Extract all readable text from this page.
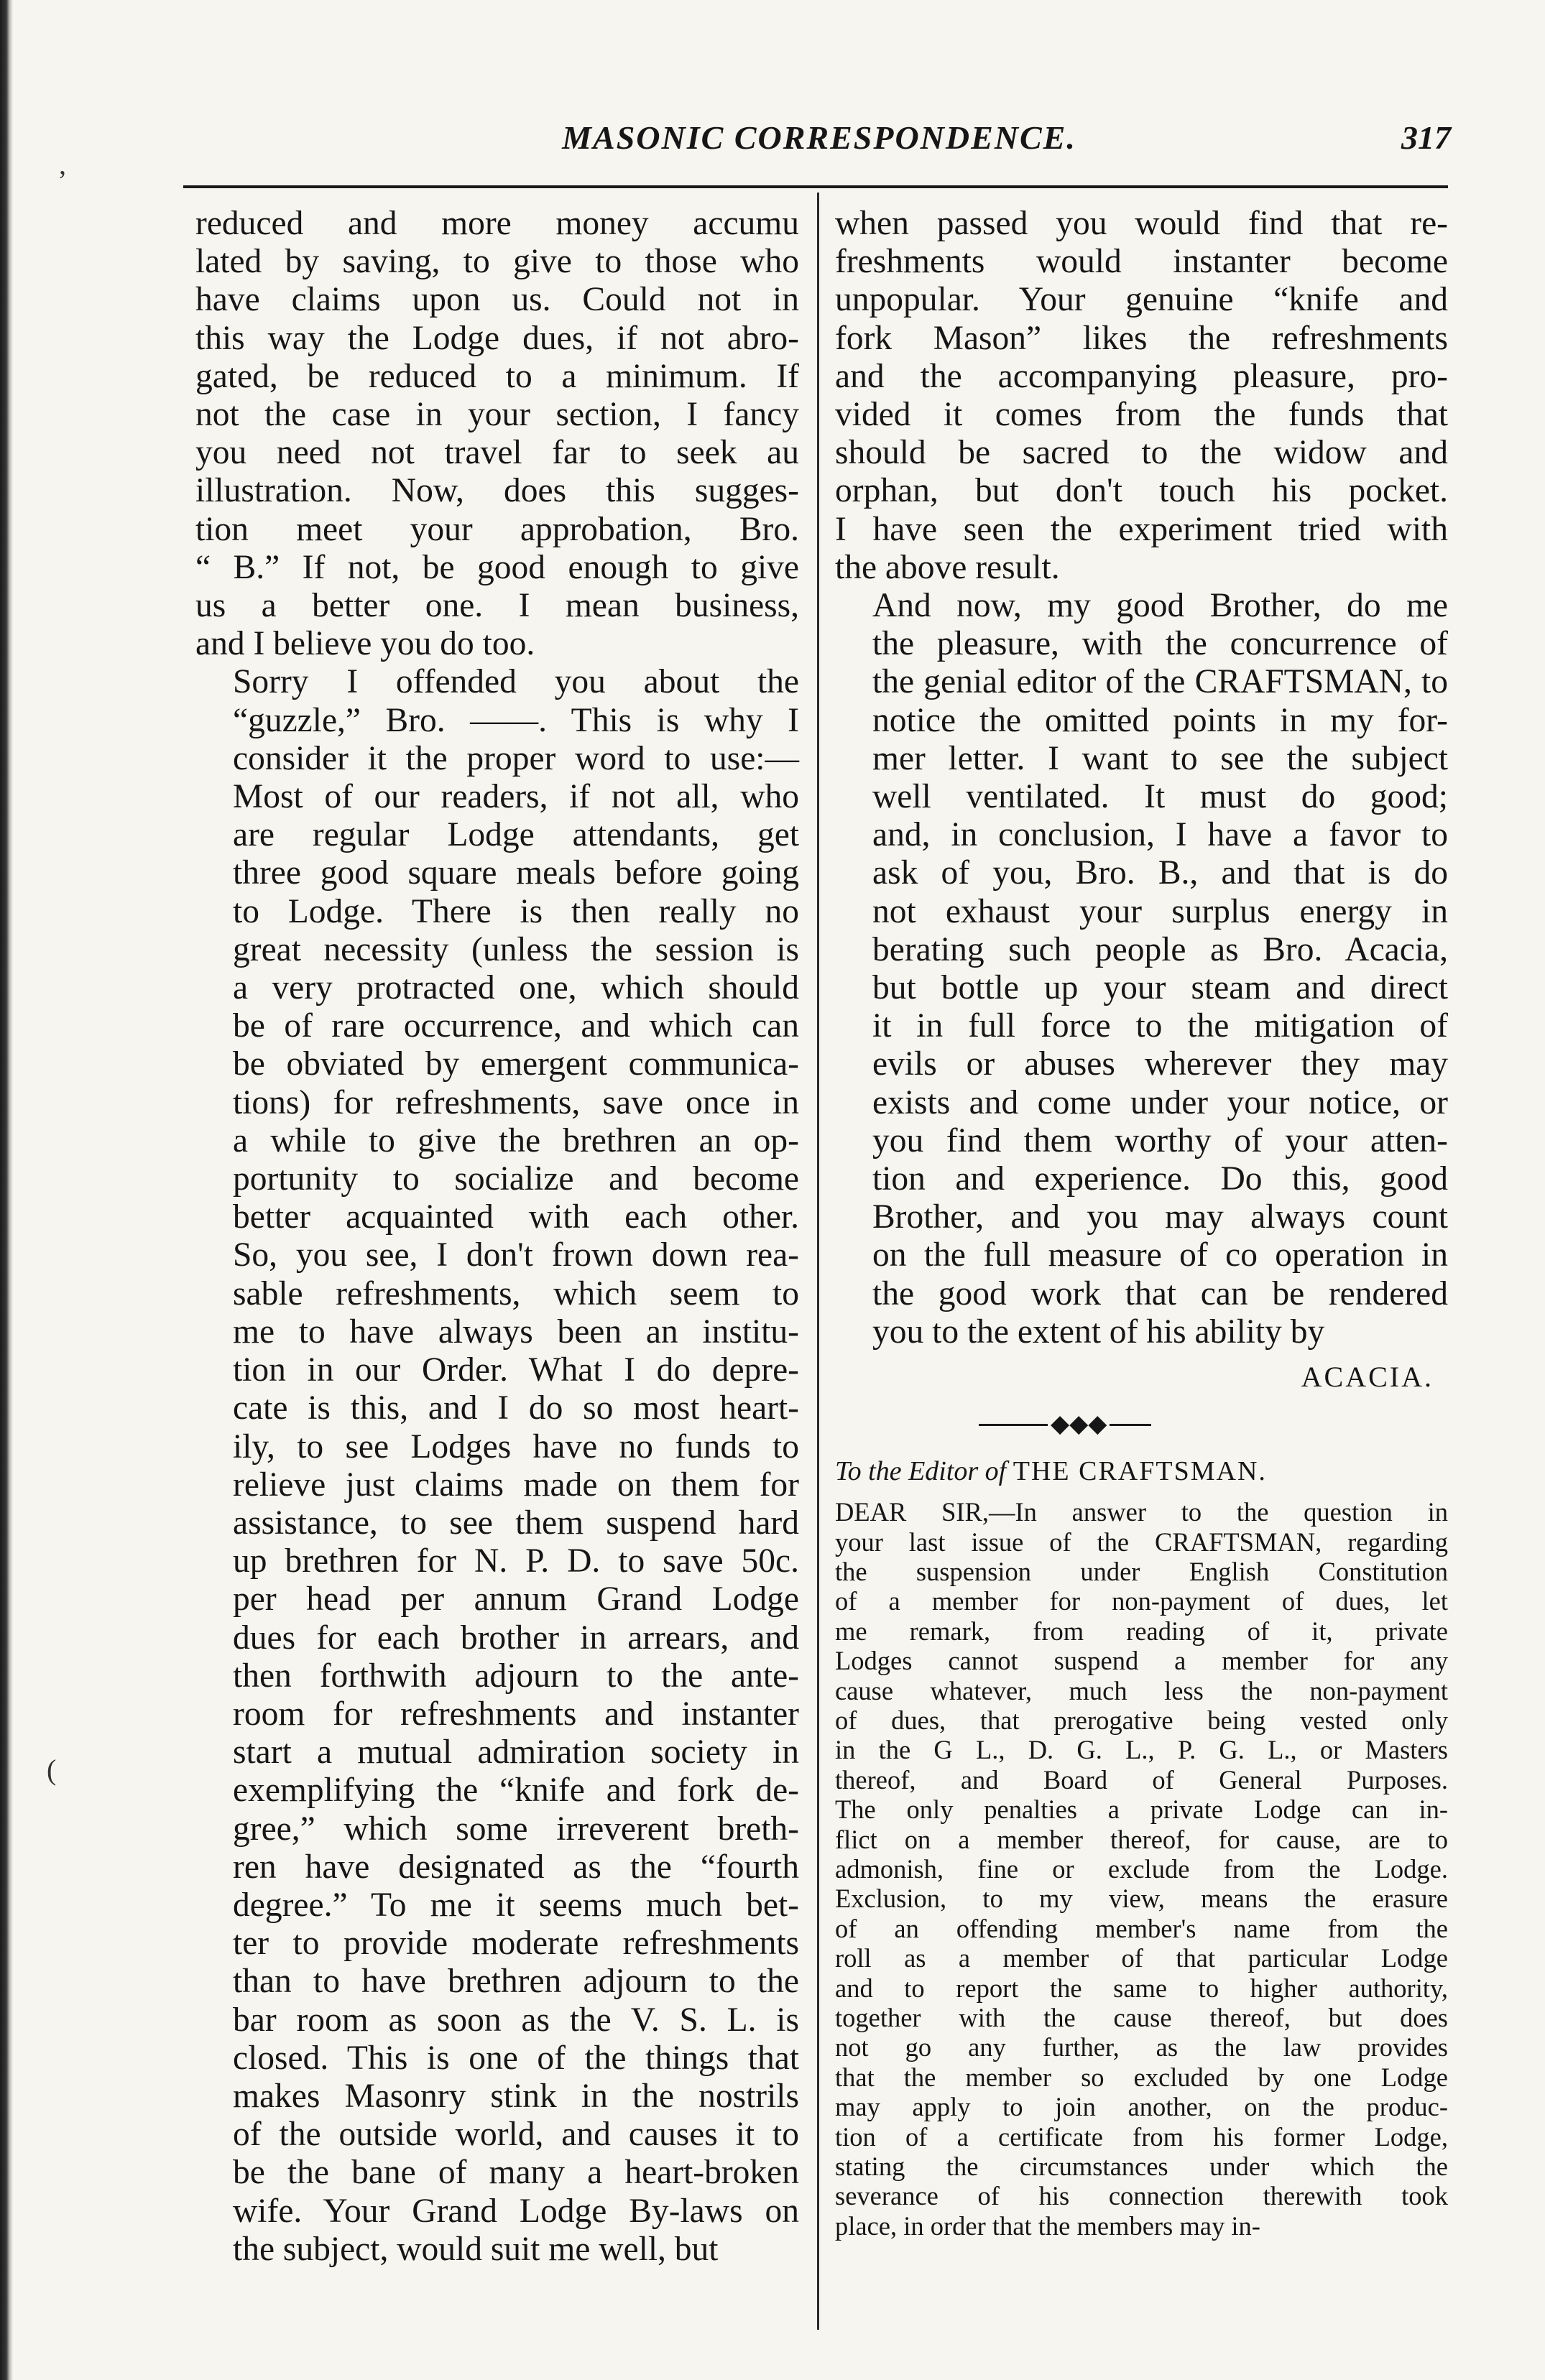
MASONIC CORRESPONDENCE.	317
,
(

reduced and more money accumu
lated by saving, to give to those who
have claims upon us. Could not in
this way the Lodge dues, if not abro-
gated, be reduced to a minimum. If
not the case in your section, I fancy
you need not travel far to seek au
illustration. Now, does this sugges-
tion meet your approbation, Bro.
“ B.” If not, be good enough to give
us a better one. I mean business,
and I believe you do too.

Sorry I offended you about the
“guzzle,” Bro. ——. This is why I
consider it the proper word to use:—
Most of our readers, if not all, who
are regular Lodge attendants, get
three good square meals before going
to Lodge. There is then really no
great necessity (unless the session is
a very protracted one, which should
be of rare occurrence, and which can
be obviated by emergent communica-
tions) for refreshments, save once in
a while to give the brethren an op-
portunity to socialize and become
better acquainted with each other.
So, you see, I don't frown down rea-
sable refreshments, which seem to
me to have always been an institu-
tion in our Order. What I do depre-
cate is this, and I do so most heart-
ily, to see Lodges have no funds to
relieve just claims made on them for
assistance, to see them suspend hard
up brethren for N. P. D. to save 50c.
per head per annum Grand Lodge
dues for each brother in arrears, and
then forthwith adjourn to the ante-
room for refreshments and instanter
start a mutual admiration society in
exemplifying the “knife and fork de-
gree,” which some irreverent breth-
ren have designated as the “fourth
degree.” To me it seems much bet-
ter to provide moderate refreshments
than to have brethren adjourn to the
bar room as soon as the V. S. L. is
closed. This is one of the things that
makes Masonry stink in the nostrils
of the outside world, and causes it to
be the bane of many a heart-broken
wife. Your Grand Lodge By-laws on
the subject, would suit me well, but

when passed you would find that re-
freshments would instanter become
unpopular. Your genuine “knife and
fork Mason” likes the refreshments
and the accompanying pleasure, pro-
vided it comes from the funds that
should be sacred to the widow and
orphan, but don't touch his pocket.
I have seen the experiment tried with
the above result.

And now, my good Brother, do me
the pleasure, with the concurrence of
the genial editor of the CRAFTSMAN, to
notice the omitted points in my for-
mer letter. I want to see the subject
well ventilated. It must do good;
and, in conclusion, I have a favor to
ask of you, Bro. B., and that is do
not exhaust your surplus energy in
berating such people as Bro. Acacia,
but bottle up your steam and direct
it in full force to the mitigation of
evils or abuses wherever they may
exists and come under your notice, or
you find them worthy of your atten-
tion and experience. Do this, good
Brother, and you may always count
on the full measure of co operation in
the good work that can be rendered
you to the extent of his ability by

ACACIA.
◆◆◆
To the Editor of THE CRAFTSMAN.

DEAR SIR,—In answer to the question in
your last issue of the CRAFTSMAN, regarding
the suspension under English Constitution
of a member for non-payment of dues, let
me remark, from reading of it, private
Lodges cannot suspend a member for any
cause whatever, much less the non-payment
of dues, that prerogative being vested only
in the G L., D. G. L., P. G. L., or Masters
thereof, and Board of General Purposes.
The only penalties a private Lodge can in-
flict on a member thereof, for cause, are to
admonish, fine or exclude from the Lodge.
Exclusion, to my view, means the erasure
of an offending member's name from the
roll as a member of that particular Lodge
and to report the same to higher authority,
together with the cause thereof, but does
not go any further, as the law provides
that the member so excluded by one Lodge
may apply to join another, on the produc-
tion of a certificate from his former Lodge,
stating the circumstances under which the
severance of his connection therewith took
place, in order that the members may in-
